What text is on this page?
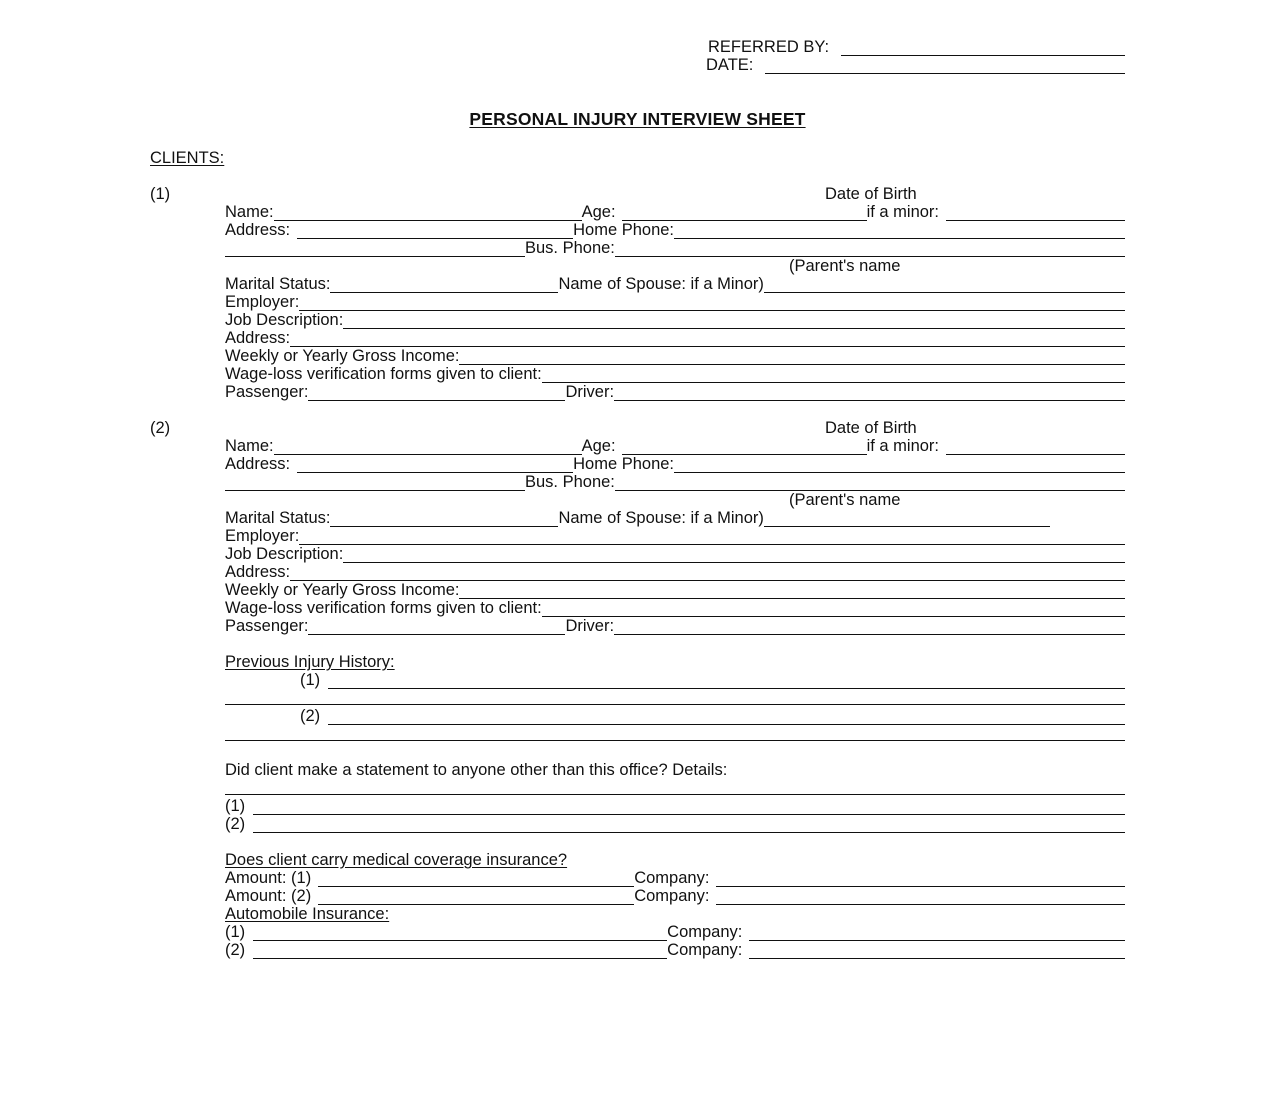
REFERRED BY:
DATE:
PERSONAL INJURY INTERVIEW SHEET
CLIENTS:
(1)	Date of Birth
Name:	Age:	if a minor:
Address:	Home Phone:
Bus. Phone:
(Parent's name
Marital Status:	Name of Spouse: if a Minor)
Employer:
Job Description:
Address:
Weekly or Yearly Gross Income:
Wage-loss verification forms given to client:
Passenger:	Driver:
(2)	Date of Birth
Name:	Age:	if a minor:
Address:	Home Phone:
Bus. Phone:
(Parent's name
Marital Status:	Name of Spouse: if a Minor)
Employer:
Job Description:
Address:
Weekly or Yearly Gross Income:
Wage-loss verification forms given to client:
Passenger:	Driver:
Previous Injury History:
(1)
(2)
Did client make a statement to anyone other than this office? Details:
(1)
(2)
Does client carry medical coverage insurance?
Amount: (1)	Company:
Amount: (2)	Company:
Automobile Insurance:
(1)	Company:
(2)	Company:
